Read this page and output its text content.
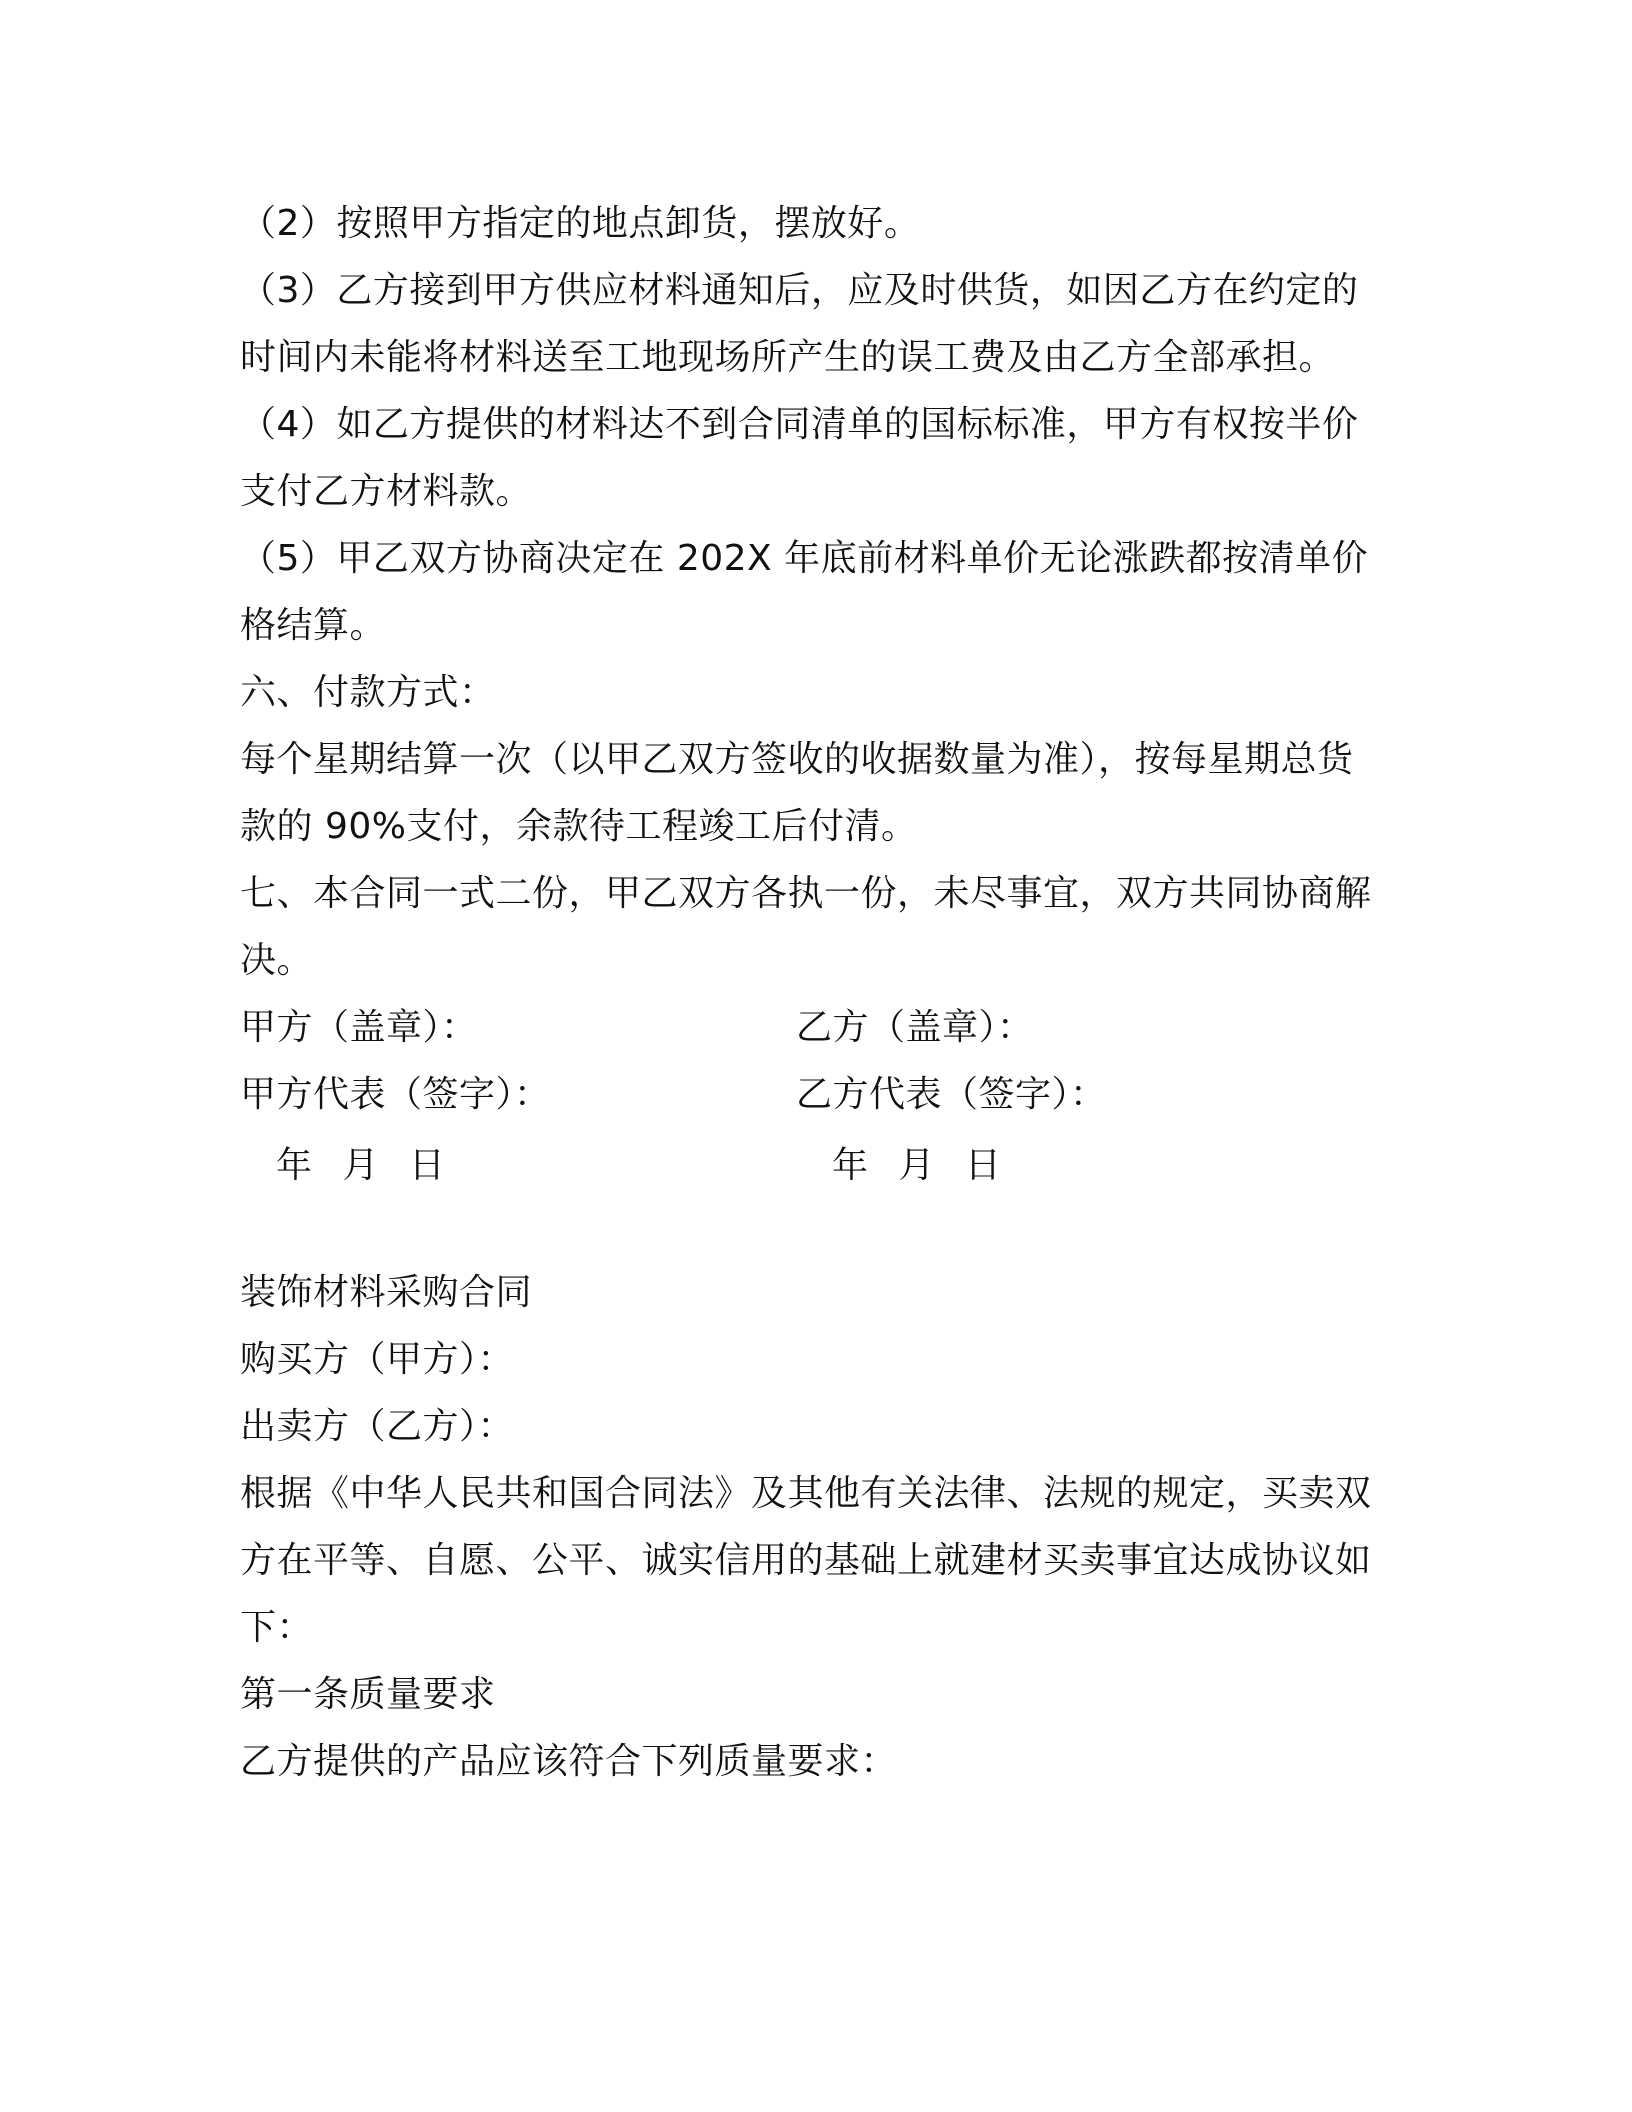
（2）按照甲方指定的地点卸货，摆放好。

（3）乙方接到甲方供应材料通知后，应及时供货，如因乙方在约定的时间内未能将材料送至工地现场所产生的误工费及由乙方全部承担。

（4）如乙方提供的材料达不到合同清单的国标标准，甲方有权按半价支付乙方材料款。

（5）甲乙双方协商决定在 202X 年底前材料单价无论涨跌都按清单价格结算。

六、付款方式：

每个星期结算一次（以甲乙双方签收的收据数量为准），按每星期总货款的 90%支付，余款待工程竣工后付清。

七、本合同一式二份，甲乙双方各执一份，未尽事宜，双方共同协商解决。

甲方（盖章）：	乙方（盖章）：
甲方代表（签字）：	乙方代表（签字）：
年 月 日	年 月 日

装饰材料采购合同

购买方（甲方）：

出卖方（乙方）：

根据《中华人民共和国合同法》及其他有关法律、法规的规定，买卖双方在平等、自愿、公平、诚实信用的基础上就建材买卖事宜达成协议如下：

第一条质量要求

乙方提供的产品应该符合下列质量要求：
